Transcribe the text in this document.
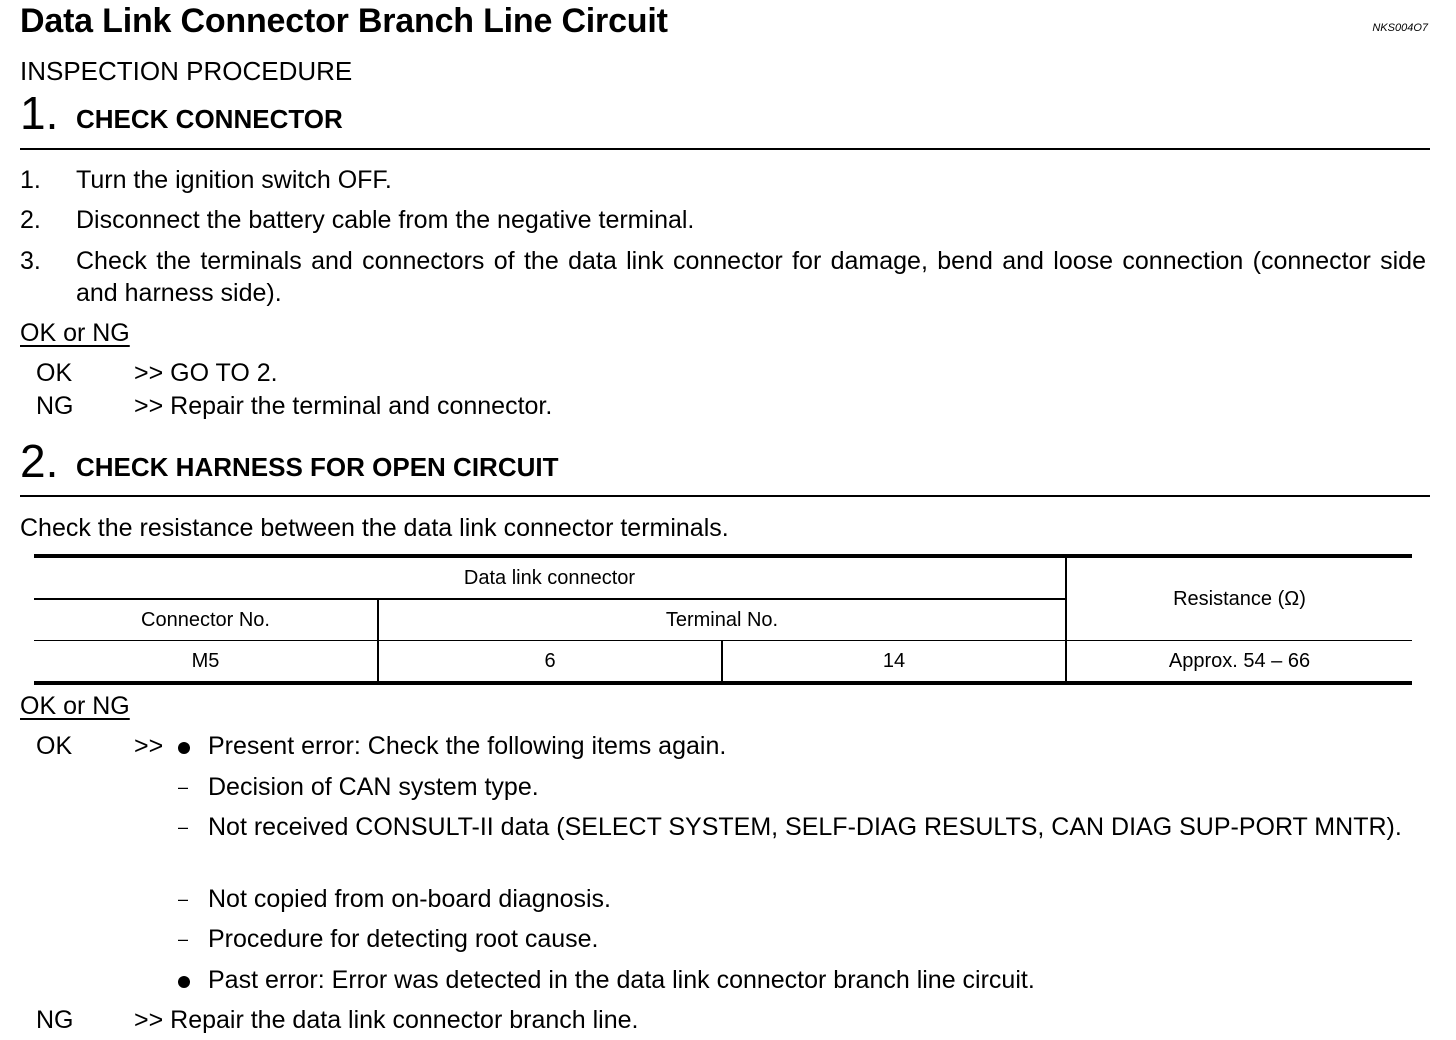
Data Link Connector Branch Line Circuit	NKS004O7
INSPECTION PROCEDURE
1. CHECK CONNECTOR
1. Turn the ignition switch OFF.
2. Disconnect the battery cable from the negative terminal.
3. Check the terminals and connectors of the data link connector for damage, bend and loose connection (connector side and harness side).
OK or NG
OK >> GO TO 2.
NG >> Repair the terminal and connector.
2. CHECK HARNESS FOR OPEN CIRCUIT
Check the resistance between the data link connector terminals.
Data link connector			Resistance (Ω)
Connector No.	Terminal No.		
M5	6	14	Approx. 54 – 66
OK or NG
OK >> Present error: Check the following items again.
– Decision of CAN system type.
– Not received CONSULT-II data (SELECT SYSTEM, SELF-DIAG RESULTS, CAN DIAG SUP-PORT MNTR).
– Not copied from on-board diagnosis.
– Procedure for detecting root cause.
Past error: Error was detected in the data link connector branch line circuit.
NG >> Repair the data link connector branch line.
